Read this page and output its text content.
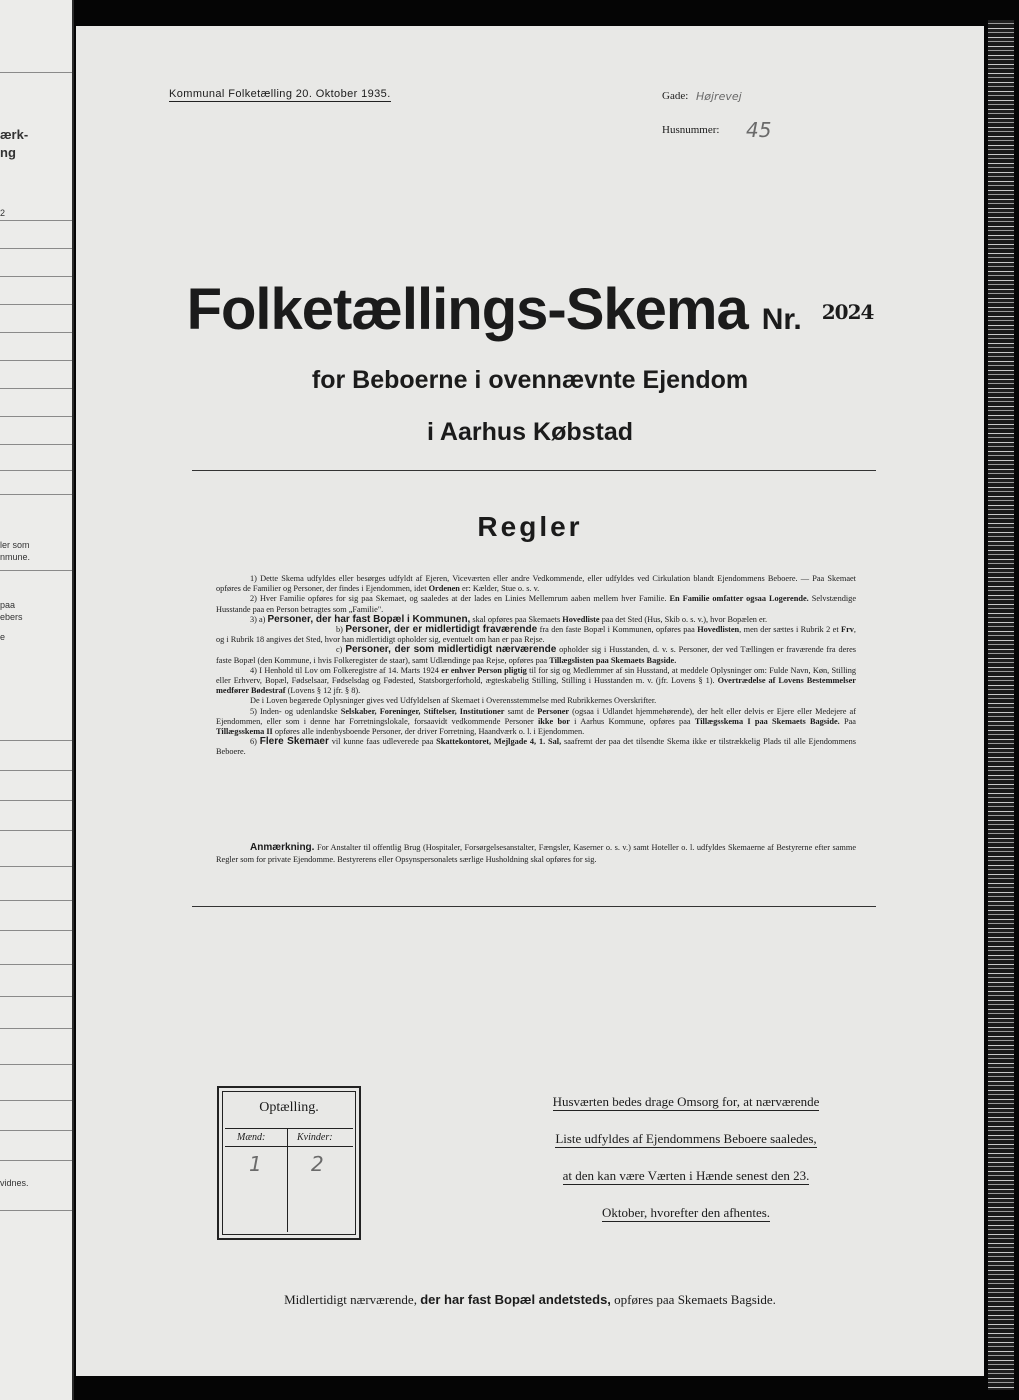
ærk-
ng
2
ler som
nmune.
paa
ebers
e
vidnes.
Kommunal Folketælling 20. Oktober 1935.	Gade: Højrevej
Husnummer: 45
Folketællings-Skema Nr. 2024
for Beboerne i ovennævnte Ejendom
i Aarhus Købstad
Regler

1) Dette Skema udfyldes eller besørges udfyldt af Ejeren, Viceværten eller andre Vedkommende, eller udfyldes ved Cirkulation blandt Ejendommens Beboere. — Paa Skemaet opføres de Familier og Personer, der findes i Ejendommen, idet Ordenen er: Kælder, Stue o. s. v.

2) Hver Familie opføres for sig paa Skemaet, og saaledes at der lades en Linies Mellemrum aaben mellem hver Familie. En Familie omfatter ogsaa Logerende. Selvstændige Husstande paa en Person betragtes som „Familie".

3) a) Personer, der har fast Bopæl i Kommunen, skal opføres paa Skemaets Hovedliste paa det Sted (Hus, Skib o. s. v.), hvor Bopælen er.

b) Personer, der er midlertidigt fraværende fra den faste Bopæl i Kommunen, opføres paa Hovedlisten, men der sættes i Rubrik 2 et Frv, og i Rubrik 18 angives det Sted, hvor han midlertidigt opholder sig, eventuelt om han er paa Rejse.

c) Personer, der som midlertidigt nærværende opholder sig i Husstanden, d. v. s. Personer, der ved Tællingen er fraværende fra deres faste Bopæl (den Kommune, i hvis Folkeregister de staar), samt Udlændinge paa Rejse, opføres paa Tillægslisten paa Skemaets Bagside.

4) I Henhold til Lov om Folkeregistre af 14. Marts 1924 er enhver Person pligtig til for sig og Medlemmer af sin Husstand, at meddele Oplysninger om: Fulde Navn, Køn, Stilling eller Erhverv, Bopæl, Fødselsaar, Fødselsdag og Fødested, Statsborgerforhold, ægteskabelig Stilling, Stilling i Husstanden m. v. (jfr. Lovens § 1). Overtrædelse af Lovens Bestemmelser medfører Bødestraf (Lovens § 12 jfr. § 8).

De i Loven begærede Oplysninger gives ved Udfyldelsen af Skemaet i Overensstemmelse med Rubrikkernes Overskrifter.

5) Inden- og udenlandske Selskaber, Foreninger, Stiftelser, Institutioner samt de Personer (ogsaa i Udlandet hjemmehørende), der helt eller delvis er Ejere eller Medejere af Ejendommen, eller som i denne har Forretningslokale, forsaavidt vedkommende Personer ikke bor i Aarhus Kommune, opføres paa Tillægsskema I paa Skemaets Bagside. Paa Tillægsskema II opføres alle indenbysboende Personer, der driver Forretning, Haandværk o. l. i Ejendommen.

6) Flere Skemaer vil kunne faas udleverede paa Skattekontoret, Mejlgade 4, 1. Sal, saafremt der paa det tilsendte Skema ikke er tilstrækkelig Plads til alle Ejendommens Beboere.

Anmærkning. For Anstalter til offentlig Brug (Hospitaler, Forsørgelsesanstalter, Fængsler, Kaserner o. s. v.) samt Hoteller o. l. udfyldes Skemaerne af Bestyrerne efter samme Regler som for private Ejendomme. Bestyrerens eller Opsynspersonalets særlige Husholdning skal opføres for sig.

Optælling.
Mænd:	Kvinder:
1 2
Husværten bedes drage Omsorg for, at nærværende
Liste udfyldes af Ejendommens Beboere saaledes,
at den kan være Værten i Hænde senest den 23.
Oktober, hvorefter den afhentes.
Midlertidigt nærværende, der har fast Bopæl andetsteds, opføres paa Skemaets Bagside.
